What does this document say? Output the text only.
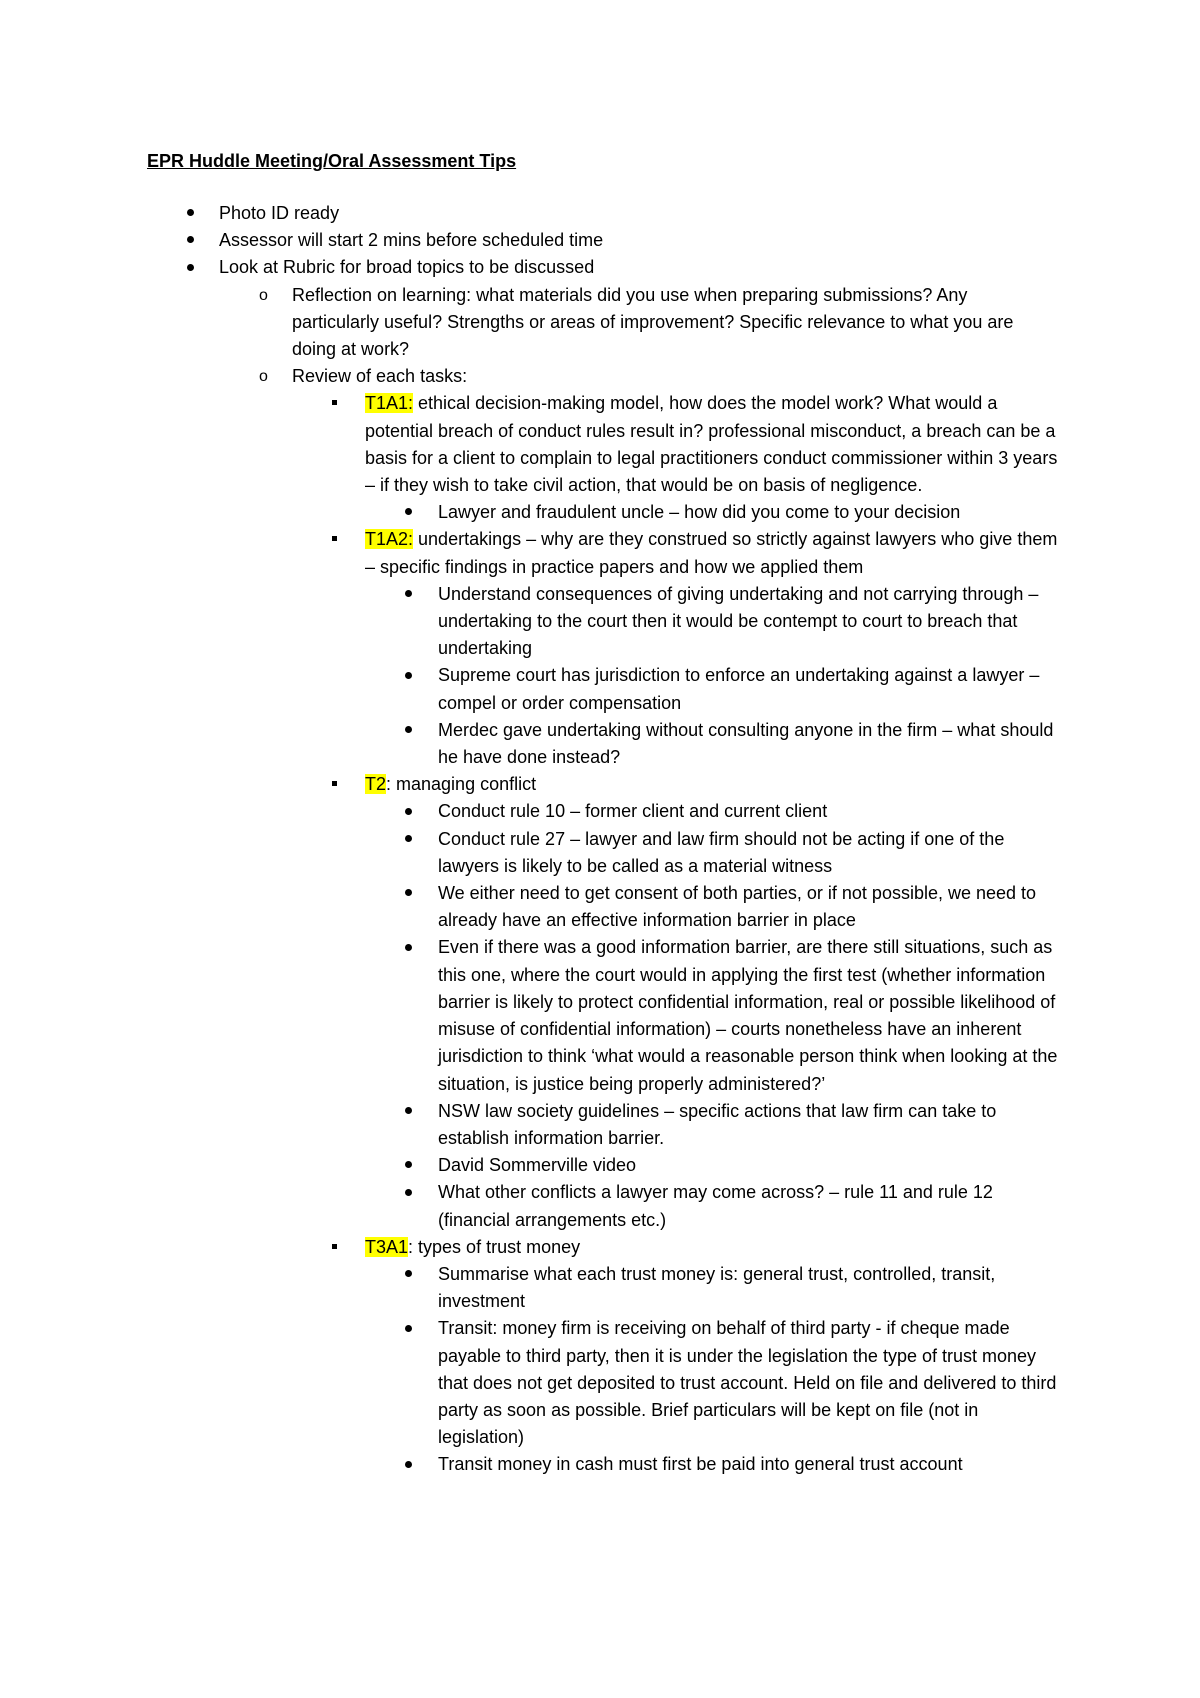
EPR Huddle Meeting/Oral Assessment Tips
Photo ID ready
Assessor will start 2 mins before scheduled time
Look at Rubric for broad topics to be discussed
o Reflection on learning: what materials did you use when preparing submissions? Any particularly useful? Strengths or areas of improvement? Specific relevance to what you are doing at work?
o Review of each tasks:
T1A1: ethical decision-making model, how does the model work? What would a potential breach of conduct rules result in? professional misconduct, a breach can be a basis for a client to complain to legal practitioners conduct commissioner within 3 years – if they wish to take civil action, that would be on basis of negligence.
Lawyer and fraudulent uncle – how did you come to your decision
T1A2: undertakings – why are they construed so strictly against lawyers who give them – specific findings in practice papers and how we applied them
Understand consequences of giving undertaking and not carrying through – undertaking to the court then it would be contempt to court to breach that undertaking
Supreme court has jurisdiction to enforce an undertaking against a lawyer – compel or order compensation
Merdec gave undertaking without consulting anyone in the firm – what should he have done instead?
T2: managing conflict
Conduct rule 10 – former client and current client
Conduct rule 27 – lawyer and law firm should not be acting if one of the lawyers is likely to be called as a material witness
We either need to get consent of both parties, or if not possible, we need to already have an effective information barrier in place
Even if there was a good information barrier, are there still situations, such as this one, where the court would in applying the first test (whether information barrier is likely to protect confidential information, real or possible likelihood of misuse of confidential information) – courts nonetheless have an inherent jurisdiction to think ‘what would a reasonable person think when looking at the situation, is justice being properly administered?’
NSW law society guidelines – specific actions that law firm can take to establish information barrier.
David Sommerville video
What other conflicts a lawyer may come across? – rule 11 and rule 12 (financial arrangements etc.)
T3A1: types of trust money
Summarise what each trust money is: general trust, controlled, transit, investment
Transit: money firm is receiving on behalf of third party - if cheque made payable to third party, then it is under the legislation the type of trust money that does not get deposited to trust account. Held on file and delivered to third party as soon as possible. Brief particulars will be kept on file (not in legislation)
Transit money in cash must first be paid into general trust account
